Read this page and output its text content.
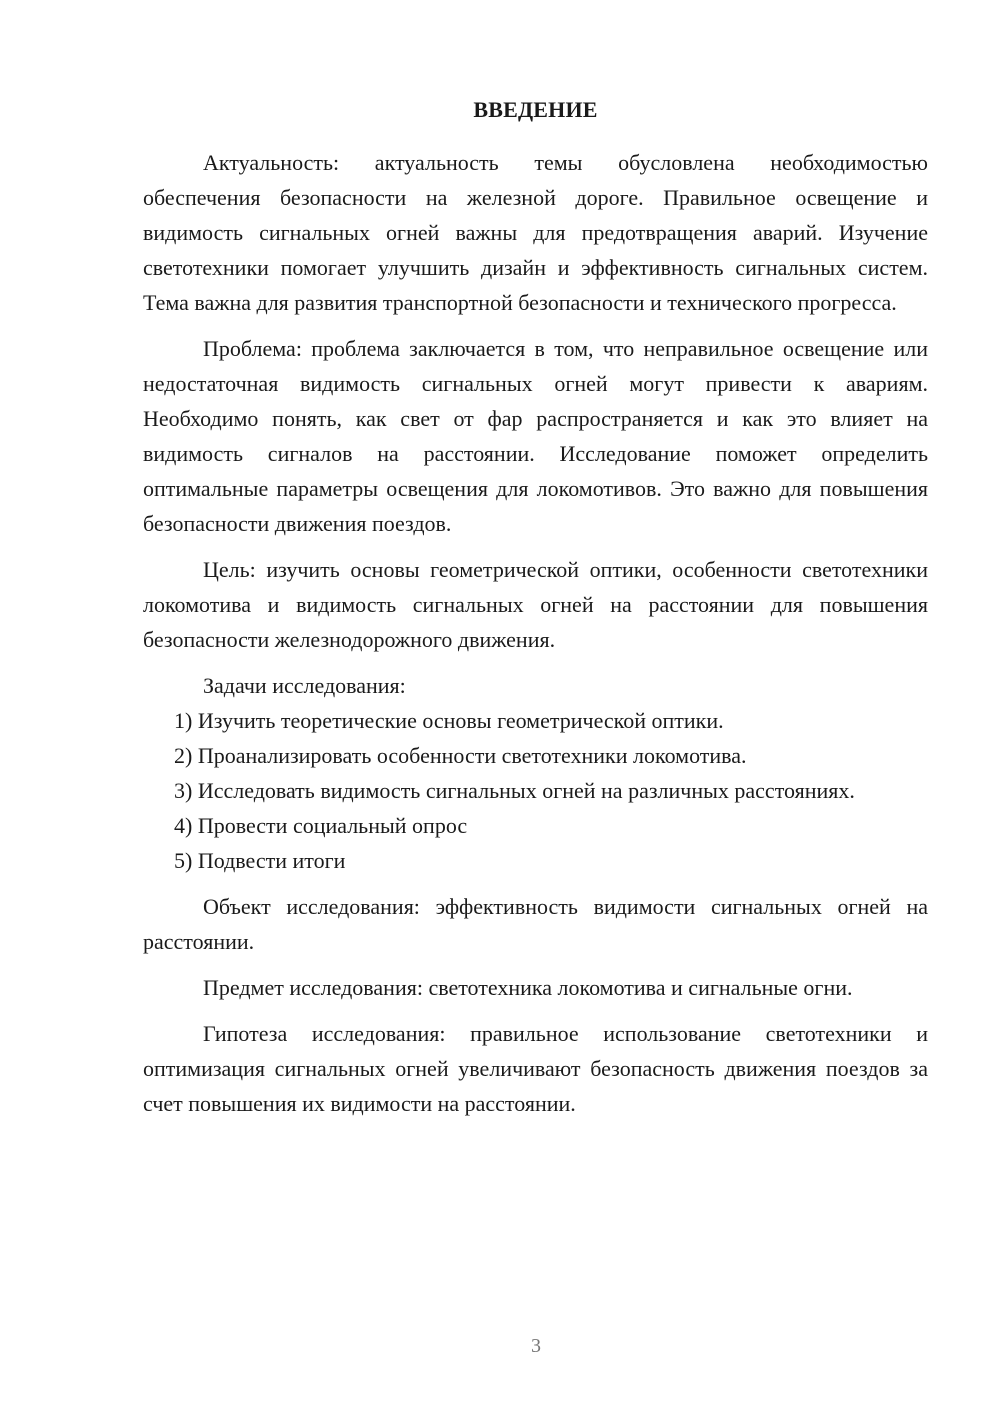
ВВЕДЕНИЕ

Актуальность: актуальность темы обусловлена необходимостью обеспечения безопасности на железной дороге. Правильное освещение и видимость сигнальных огней важны для предотвращения аварий. Изучение светотехники помогает улучшить дизайн и эффективность сигнальных систем. Тема важна для развития транспортной безопасности и технического прогресса.

Проблема: проблема заключается в том, что неправильное освещение или недостаточная видимость сигнальных огней могут привести к авариям. Необходимо понять, как свет от фар распространяется и как это влияет на видимость сигналов на расстоянии. Исследование поможет определить оптимальные параметры освещения для локомотивов. Это важно для повышения безопасности движения поездов.

Цель: изучить основы геометрической оптики, особенности светотехники локомотива и видимость сигнальных огней на расстоянии для повышения безопасности железнодорожного движения.

Задачи исследования:

1) Изучить теоретические основы геометрической оптики.

2) Проанализировать особенности светотехники локомотива.

3) Исследовать видимость сигнальных огней на различных расстояниях.

4) Провести социальный опрос

5) Подвести итоги

Объект исследования: эффективность видимости сигнальных огней на расстоянии.

Предмет исследования: светотехника локомотива и сигнальные огни.

Гипотеза исследования: правильное использование светотехники и оптимизация сигнальных огней увеличивают безопасность движения поездов за счет повышения их видимости на расстоянии.

3
